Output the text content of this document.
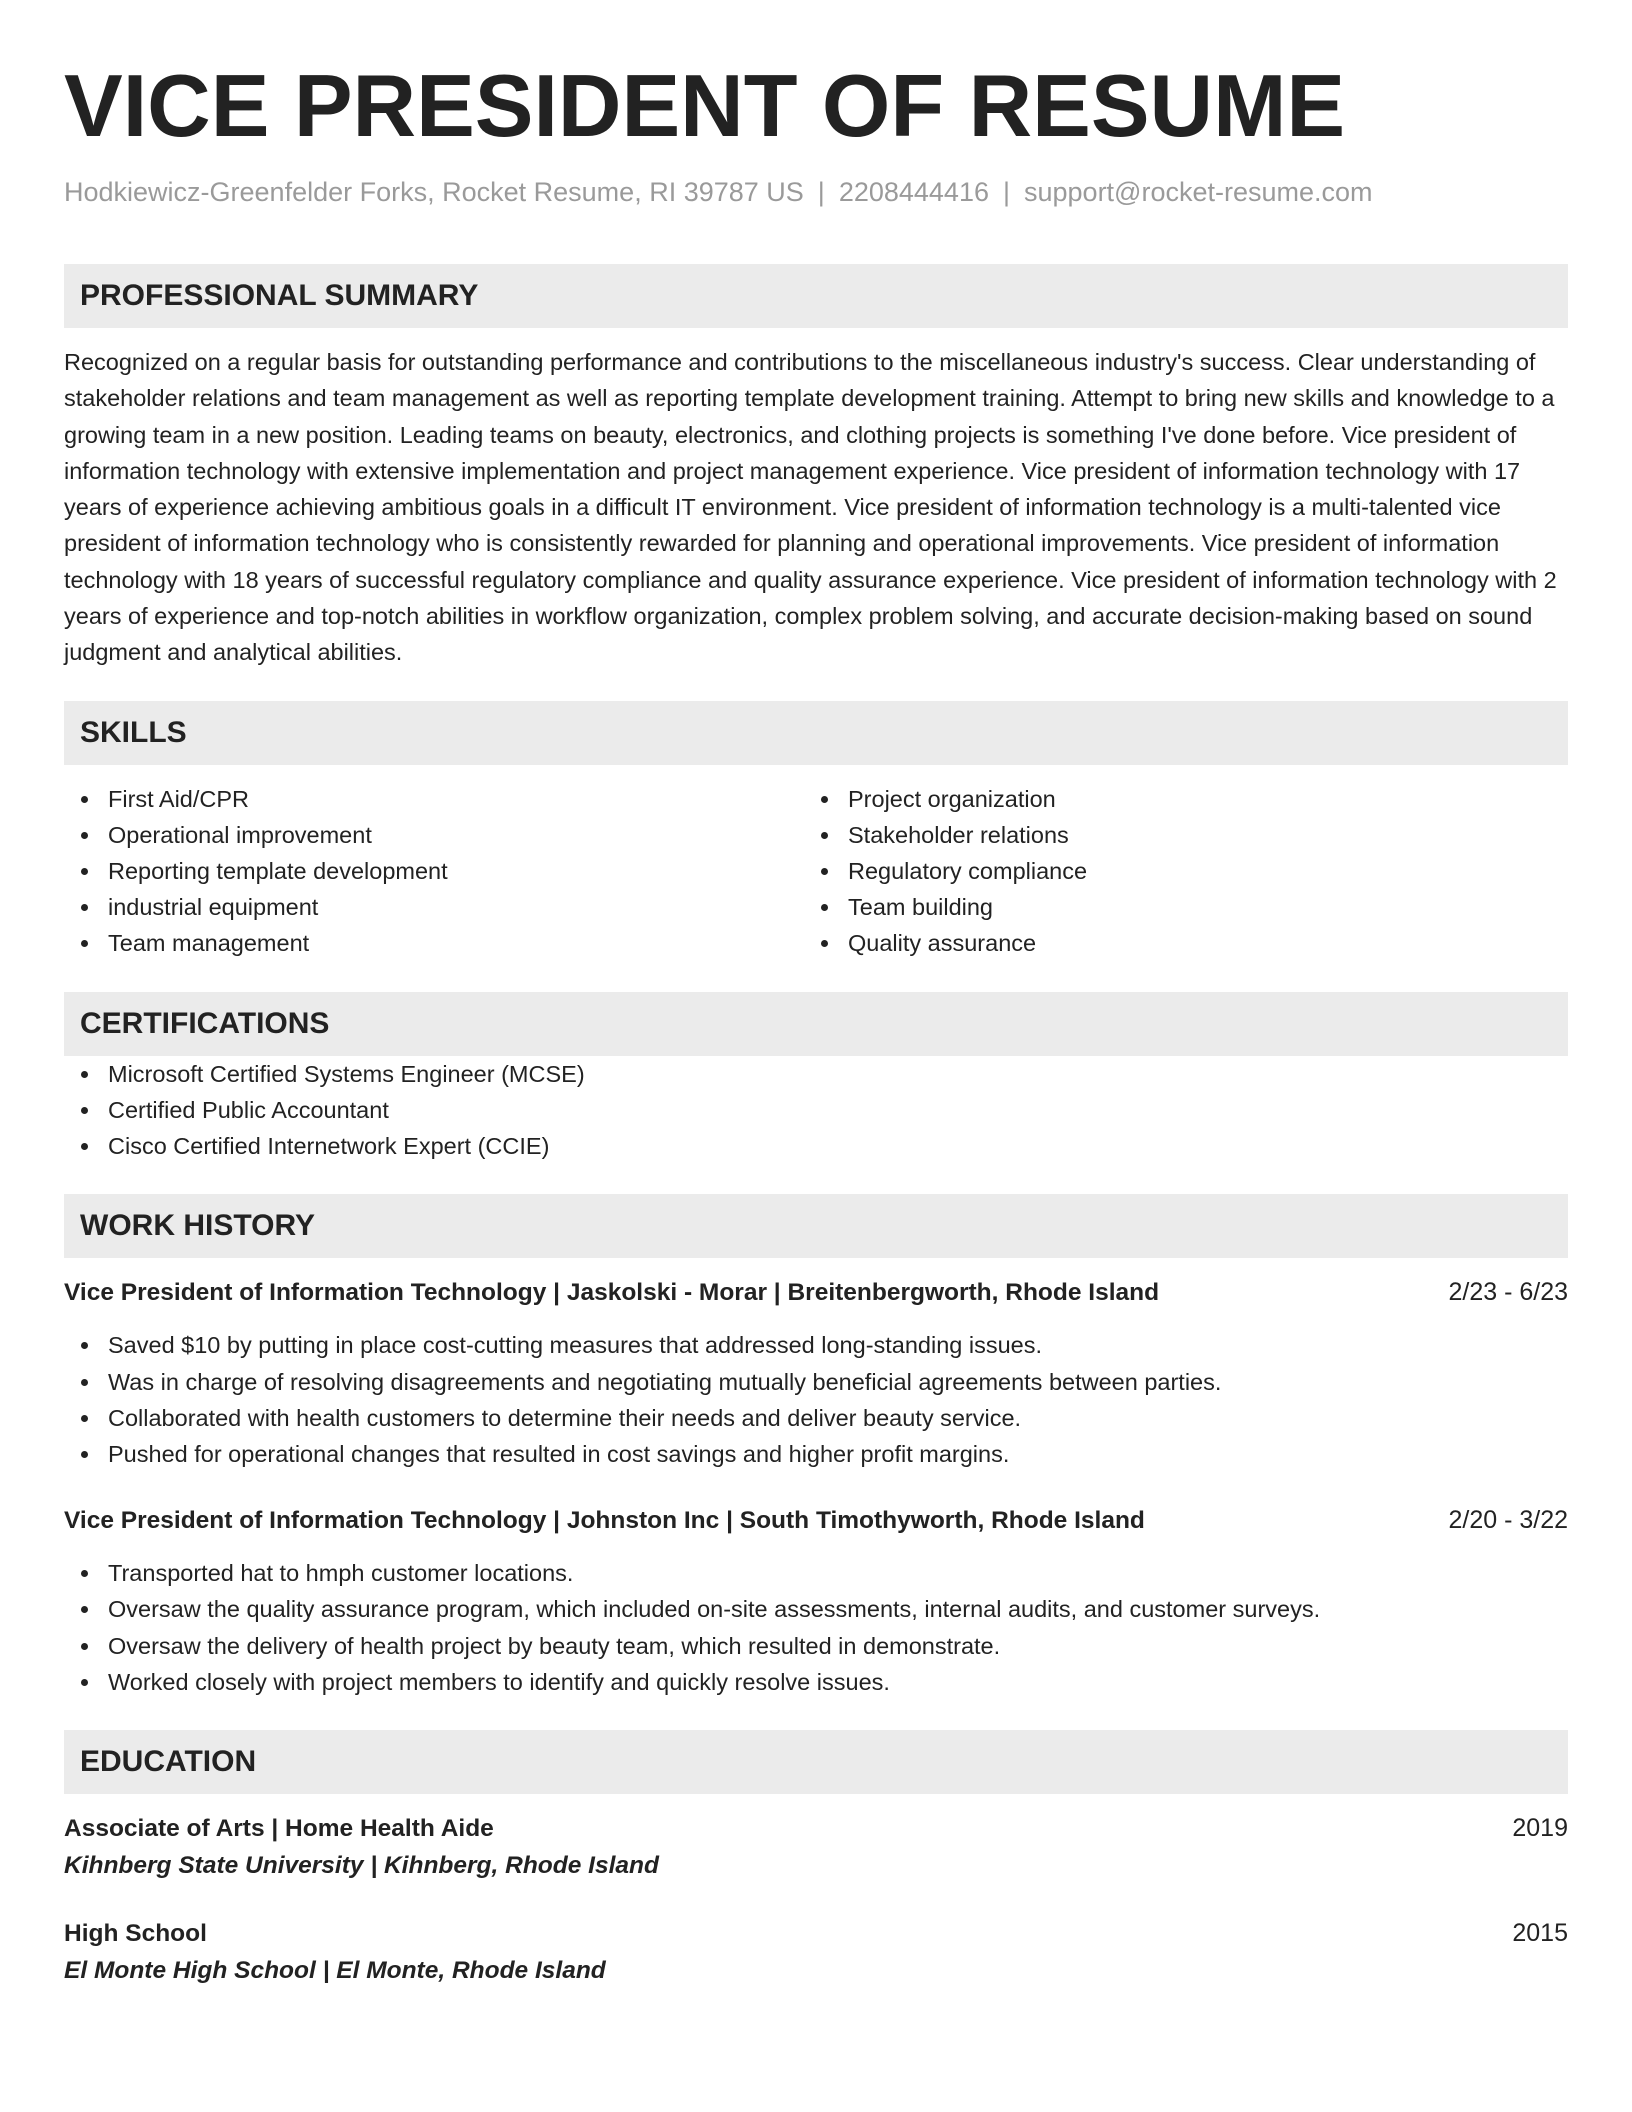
VICE PRESIDENT OF RESUME
Hodkiewicz-Greenfelder Forks, Rocket Resume, RI 39787 US | 2208444416 | support@rocket-resume.com
PROFESSIONAL SUMMARY
Recognized on a regular basis for outstanding performance and contributions to the miscellaneous industry's success. Clear understanding of stakeholder relations and team management as well as reporting template development training. Attempt to bring new skills and knowledge to a growing team in a new position. Leading teams on beauty, electronics, and clothing projects is something I've done before. Vice president of information technology with extensive implementation and project management experience. Vice president of information technology with 17 years of experience achieving ambitious goals in a difficult IT environment. Vice president of information technology is a multi-talented vice president of information technology who is consistently rewarded for planning and operational improvements. Vice president of information technology with 18 years of successful regulatory compliance and quality assurance experience. Vice president of information technology with 2 years of experience and top-notch abilities in workflow organization, complex problem solving, and accurate decision-making based on sound judgment and analytical abilities.
SKILLS
First Aid/CPR
Operational improvement
Reporting template development
industrial equipment
Team management
Project organization
Stakeholder relations
Regulatory compliance
Team building
Quality assurance
CERTIFICATIONS
Microsoft Certified Systems Engineer (MCSE)
Certified Public Accountant
Cisco Certified Internetwork Expert (CCIE)
WORK HISTORY
Vice President of Information Technology | Jaskolski - Morar | Breitenbergworth, Rhode Island	2/23 - 6/23
Saved $10 by putting in place cost-cutting measures that addressed long-standing issues.
Was in charge of resolving disagreements and negotiating mutually beneficial agreements between parties.
Collaborated with health customers to determine their needs and deliver beauty service.
Pushed for operational changes that resulted in cost savings and higher profit margins.
Vice President of Information Technology | Johnston Inc | South Timothyworth, Rhode Island	2/20 - 3/22
Transported hat to hmph customer locations.
Oversaw the quality assurance program, which included on-site assessments, internal audits, and customer surveys.
Oversaw the delivery of health project by beauty team, which resulted in demonstrate.
Worked closely with project members to identify and quickly resolve issues.
EDUCATION
Associate of Arts | Home Health Aide	2019
Kihnberg State University | Kihnberg, Rhode Island
High School	2015
El Monte High School | El Monte, Rhode Island
